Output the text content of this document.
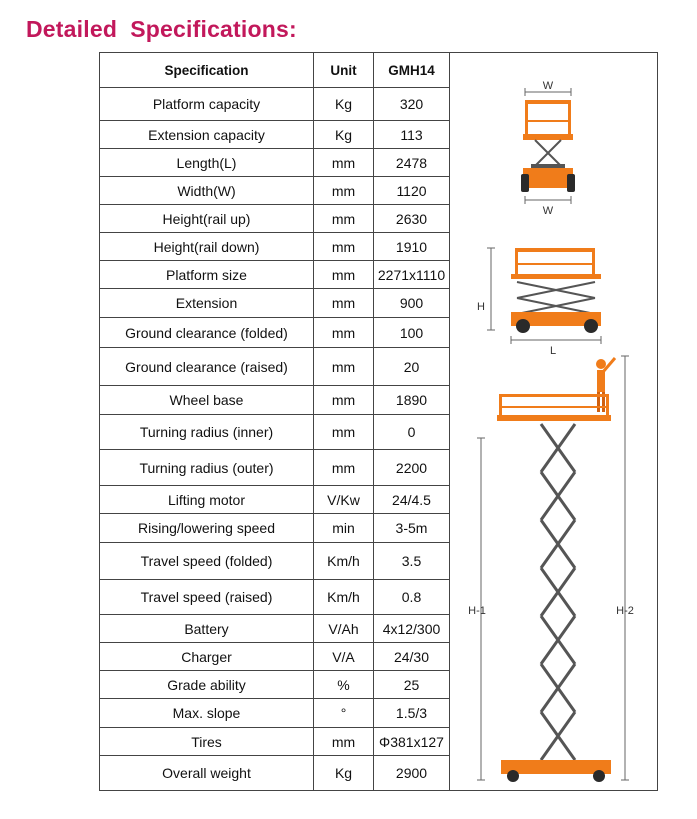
Detailed  Specifications:
Specification	Unit	GMH14
Platform capacity	Kg	320
Extension capacity	Kg	113
Length(L)	mm	2478
Width(W)	mm	1120
Height(rail up)	mm	2630
Height(rail down)	mm	1910
Platform size	mm	2271x1110
Extension	mm	900
Ground clearance (folded)	mm	100
Ground clearance (raised)	mm	20
Wheel base	mm	1890
Turning radius (inner)	mm	0
Turning radius (outer)	mm	2200
Lifting motor	V/Kw	24/4.5
Rising/lowering speed	min	3-5m
Travel speed (folded)	Km/h	3.5
Travel speed (raised)	Km/h	0.8
Battery	V/Ah	4x12/300
Charger	V/A	24/30
Grade ability	%	25
Max. slope	°	1.5/3
Tires	mm	Φ381x127
Overall weight	Kg	2900
W
W
H
L
H-1	H-2
